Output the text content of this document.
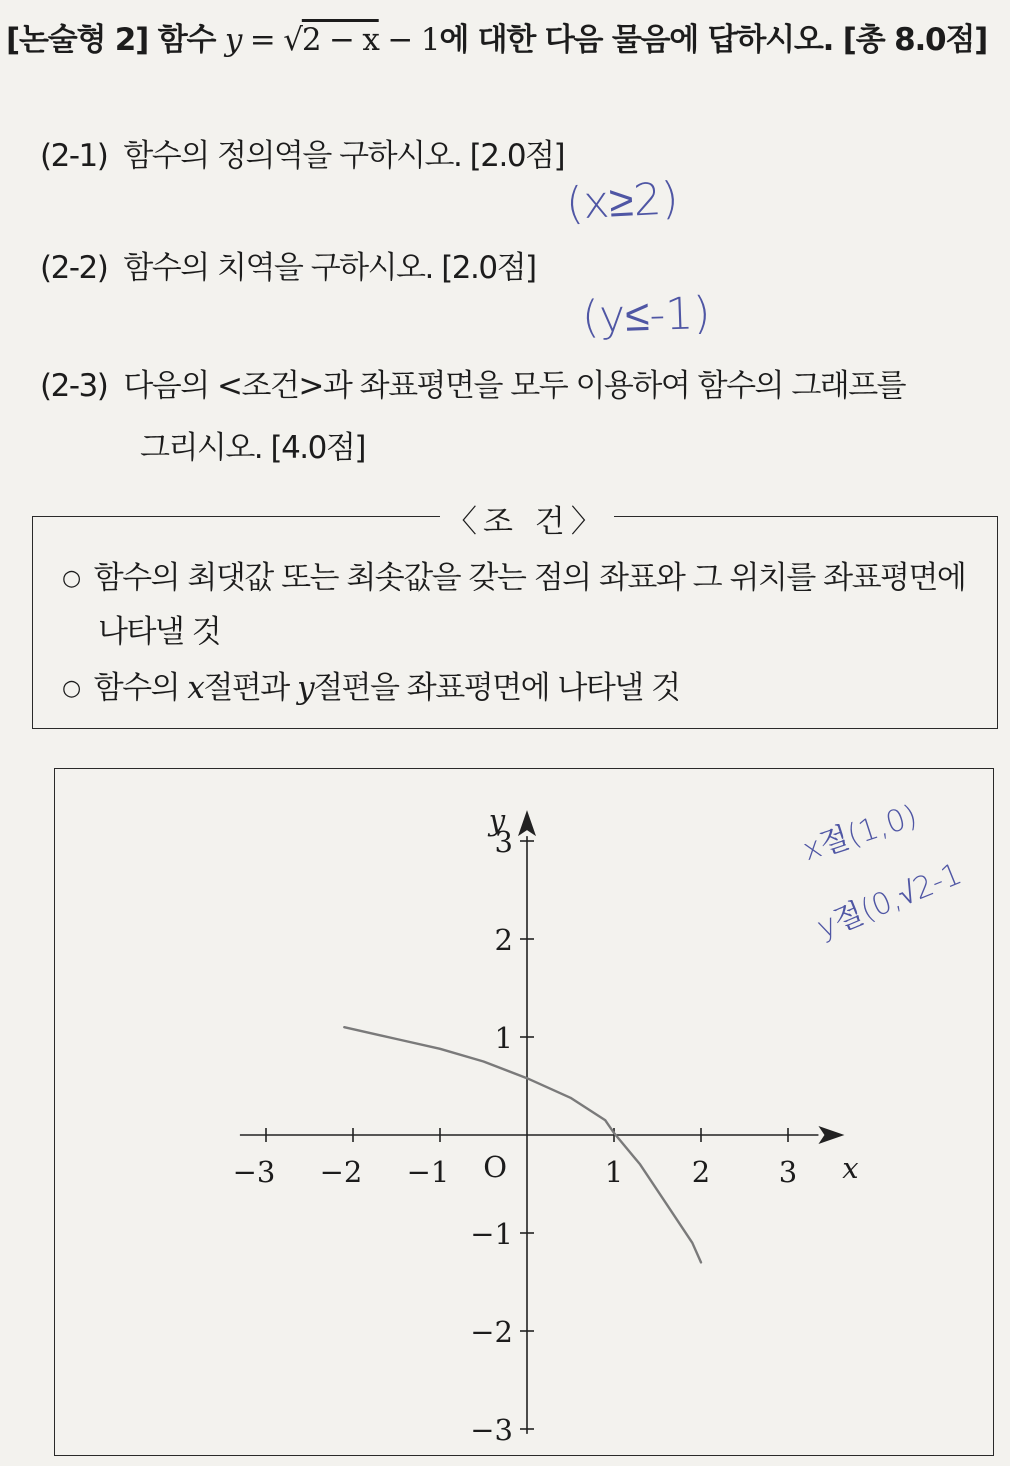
[논술형 2] 함수 y = √2 − x − 1에 대한 다음 물음에 답하시오. [총 8.0점]
(2-1) 함수의 정의역을 구하시오. [2.0점]
(x≥2)
(2-2) 함수의 치역을 구하시오. [2.0점]
(y≤-1)
(2-3) 다음의 <조건>과 좌표평면을 모두 이용하여 함수의 그래프를
그리시오. [4.0점]
〈조 건〉
○ 함수의 최댓값 또는 최솟값을 갖는 점의 좌표와 그 위치를 좌표평면에
나타낼 것
○ 함수의 x절편과 y절편을 좌표평면에 나타낼 것
−3 −2 −1	1 2 3
3
2
1
−1
−2
−3
O	x
y	x절(1,0)
y절(0,√2-1
